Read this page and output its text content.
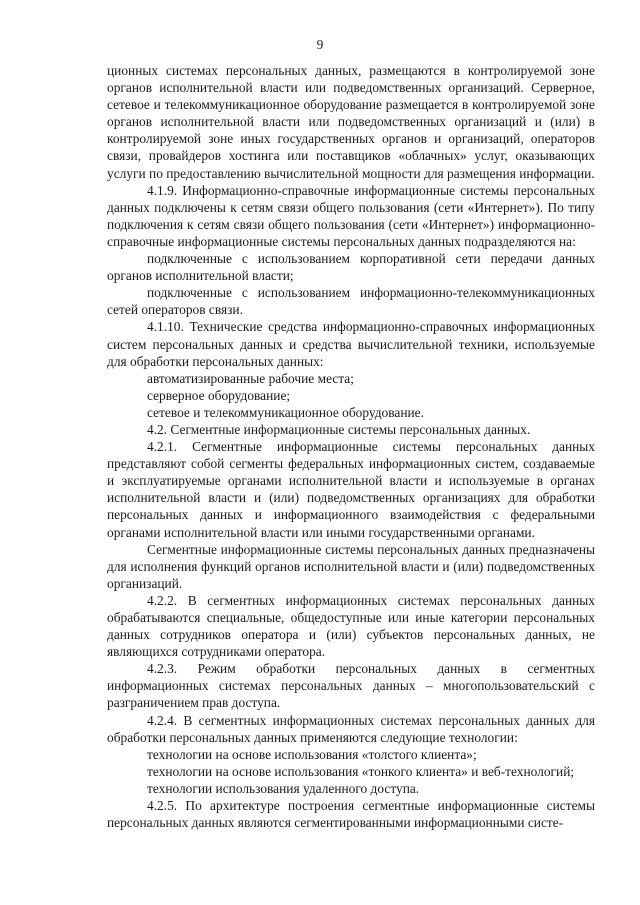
9

ционных системах персональных данных, размещаются в контролируемой зоне органов исполнительной власти или подведомственных организаций. Серверное, сетевое и телекоммуникационное оборудование размещается в контролируемой зоне органов исполнительной власти или подведомственных организаций и (или) в контролируемой зоне иных государственных органов и организаций, операторов связи, провайдеров хостинга или поставщиков «облачных» услуг, оказывающих услуги по предоставлению вычислительной мощности для размещения информации.

4.1.9. Информационно-справочные информационные системы персональных данных подключены к сетям связи общего пользования (сети «Интернет»). По типу подключения к сетям связи общего пользования (сети «Интернет») информационно-справочные информационные системы персональных данных подразделяются на:

подключенные с использованием корпоративной сети передачи данных органов исполнительной власти;

подключенные с использованием информационно-телекоммуникационных сетей операторов связи.

4.1.10. Технические средства информационно-справочных информационных систем персональных данных и средства вычислительной техники, используемые для обработки персональных данных:

автоматизированные рабочие места;

серверное оборудование;

сетевое и телекоммуникационное оборудование.

4.2. Сегментные информационные системы персональных данных.

4.2.1. Сегментные информационные системы персональных данных представляют собой сегменты федеральных информационных систем, создаваемые и эксплуатируемые органами исполнительной власти и используемые в органах исполнительной власти и (или) подведомственных организациях для обработки персональных данных и информационного взаимодействия с федеральными органами исполнительной власти или иными государственными органами.

Сегментные информационные системы персональных данных предназначены для исполнения функций органов исполнительной власти и (или) подведомственных организаций.

4.2.2. В сегментных информационных системах персональных данных обрабатываются специальные, общедоступные или иные категории персональных данных сотрудников оператора и (или) субъектов персональных данных, не являющихся сотрудниками оператора.

4.2.3. Режим обработки персональных данных в сегментных информационных системах персональных данных – многопользовательский с разграничением прав доступа.

4.2.4. В сегментных информационных системах персональных данных для обработки персональных данных применяются следующие технологии:

технологии на основе использования «толстого клиента»;

технологии на основе использования «тонкого клиента» и веб-технологий;

технологии использования удаленного доступа.

4.2.5. По архитектуре построения сегментные информационные системы персональных данных являются сегментированными информационными систе-
